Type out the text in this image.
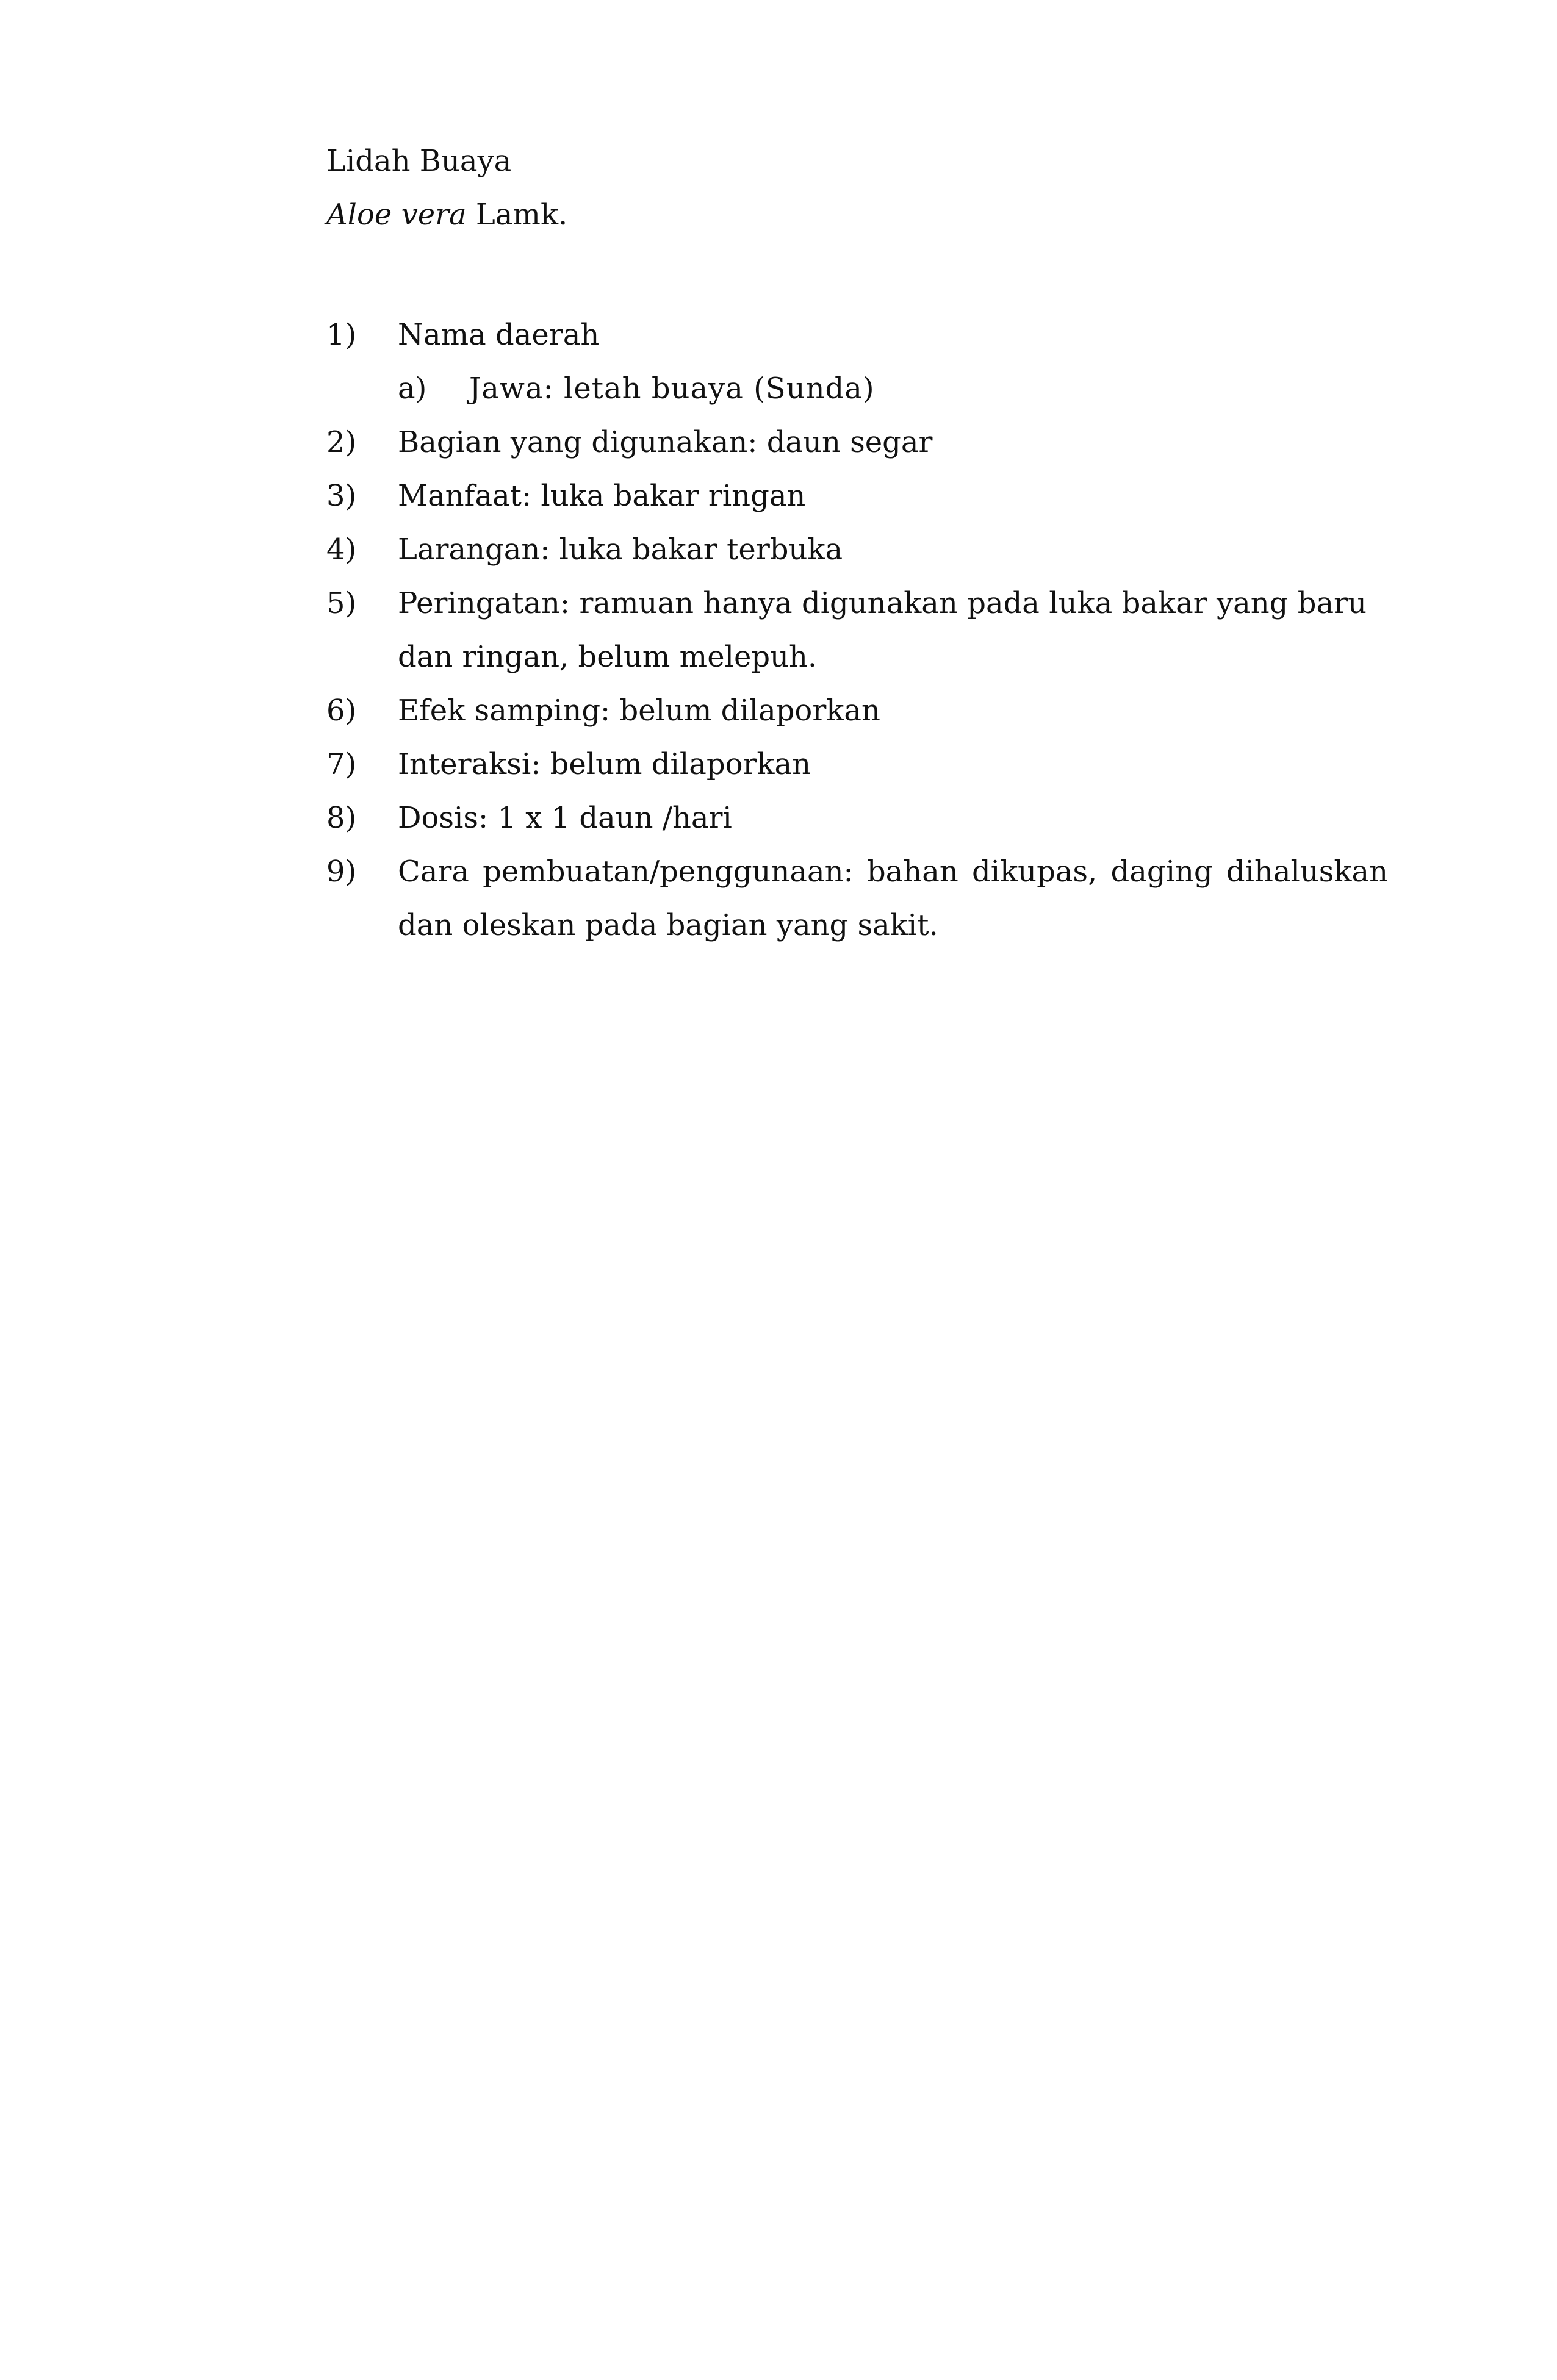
Lidah Buaya
Aloe vera Lamk.
1) Nama daerah
a) Jawa: letah buaya (Sunda)
2) Bagian yang digunakan: daun segar
3) Manfaat: luka bakar ringan
4) Larangan: luka bakar terbuka
5) Peringatan: ramuan hanya digunakan pada luka bakar yang baru dan ringan, belum melepuh.
6) Efek samping: belum dilaporkan
7) Interaksi: belum dilaporkan
8) Dosis: 1 x 1 daun /hari
9) Cara pembuatan/penggunaan: bahan dikupas, daging dihaluskan dan oleskan pada bagian yang sakit.
